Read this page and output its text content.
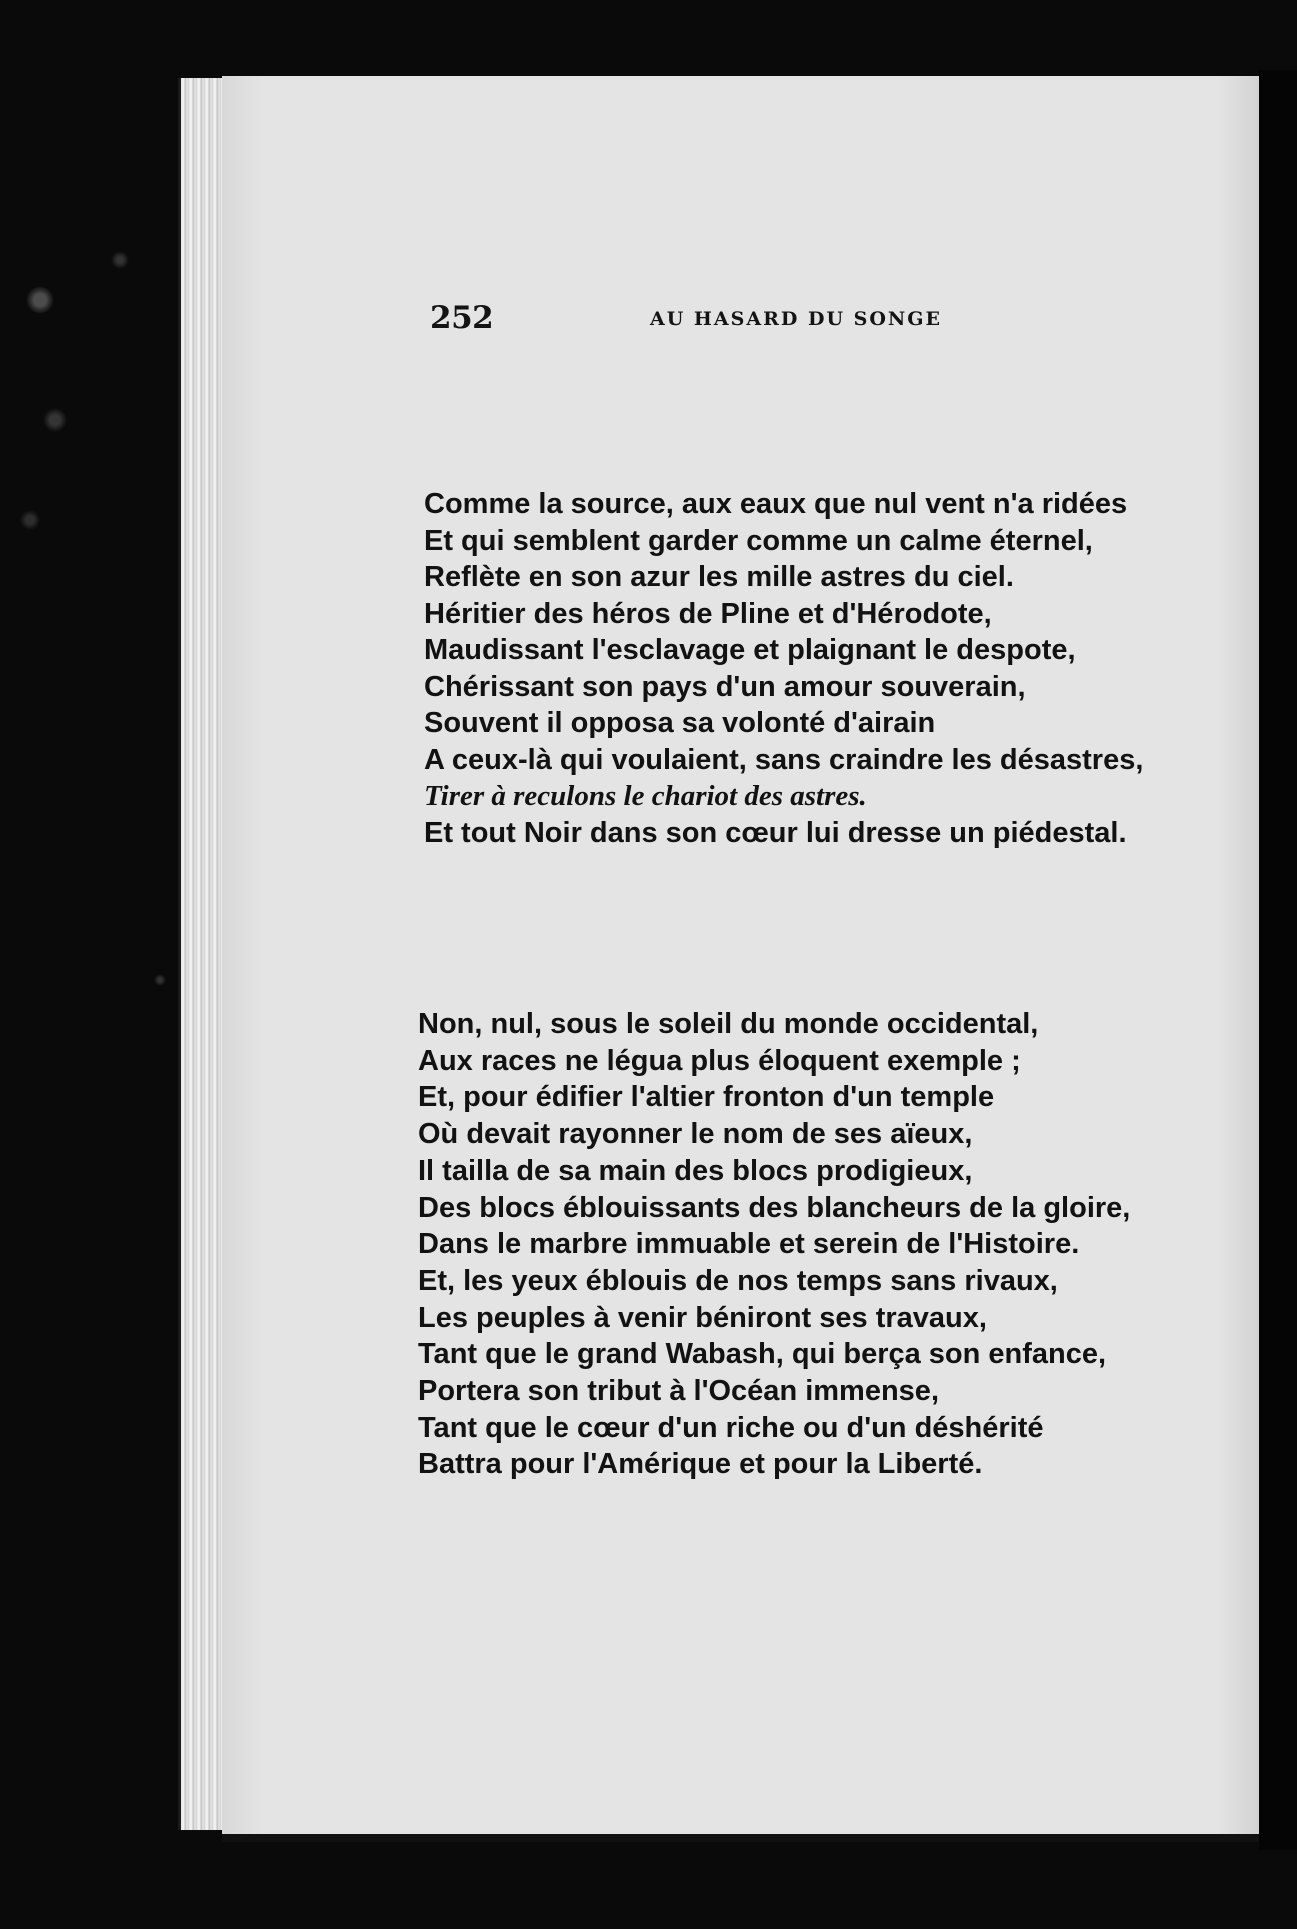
252	AU HASARD DU SONGE
Comme la source, aux eaux que nul vent n'a ridées
Et qui semblent garder comme un calme éternel,
Reflète en son azur les mille astres du ciel.
Héritier des héros de Pline et d'Hérodote,
Maudissant l'esclavage et plaignant le despote,
Chérissant son pays d'un amour souverain,
Souvent il opposa sa volonté d'airain
A ceux-là qui voulaient, sans craindre les désastres,
Tirer à reculons le chariot des astres.
Et tout Noir dans son cœur lui dresse un piédestal.
Non, nul, sous le soleil du monde occidental,
Aux races ne légua plus éloquent exemple ;
Et, pour édifier l'altier fronton d'un temple
Où devait rayonner le nom de ses aïeux,
Il tailla de sa main des blocs prodigieux,
Des blocs éblouissants des blancheurs de la gloire,
Dans le marbre immuable et serein de l'Histoire.
Et, les yeux éblouis de nos temps sans rivaux,
Les peuples à venir béniront ses travaux,
Tant que le grand Wabash, qui berça son enfance,
Portera son tribut à l'Océan immense,
Tant que le cœur d'un riche ou d'un déshérité
Battra pour l'Amérique et pour la Liberté.
